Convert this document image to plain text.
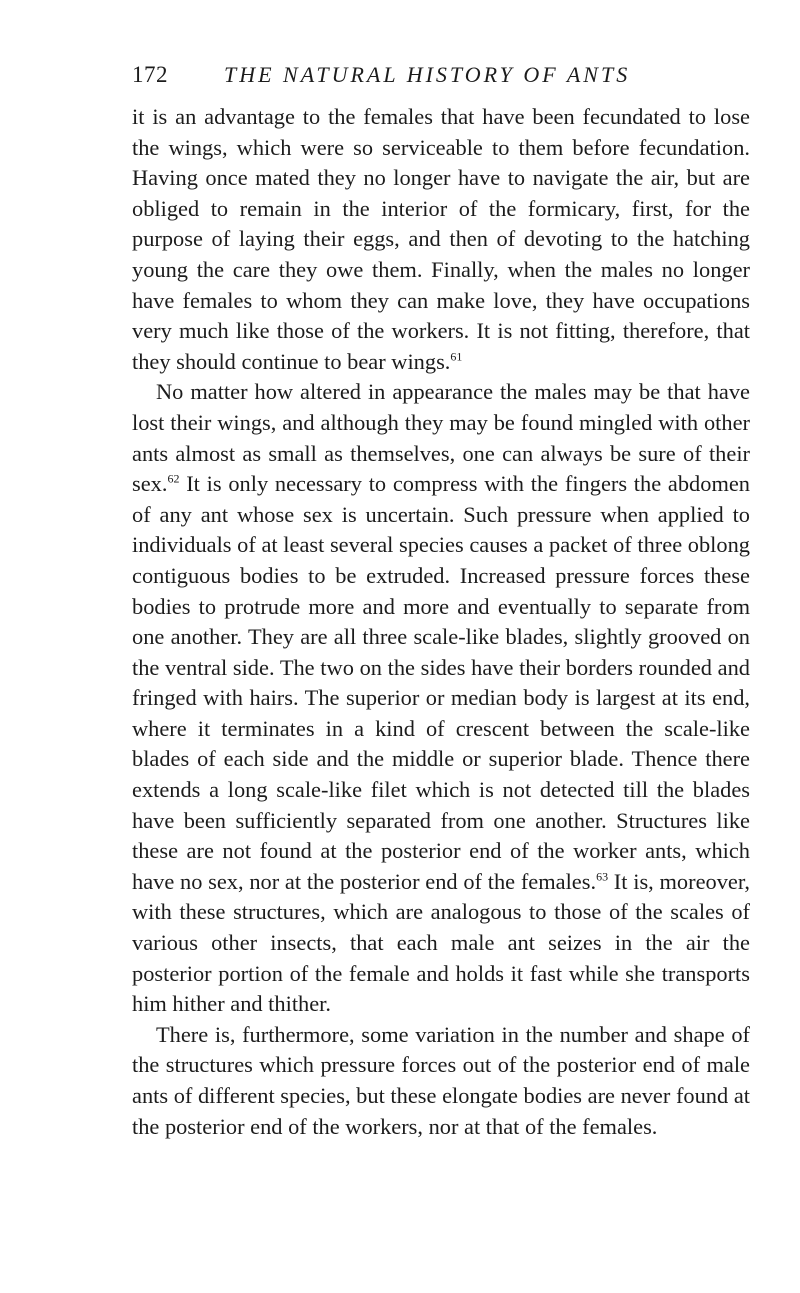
172	THE NATURAL HISTORY OF ANTS

it is an advantage to the females that have been fecundated to lose the wings, which were so serviceable to them before fecundation. Having once mated they no longer have to navigate the air, but are obliged to remain in the interior of the formicary, first, for the purpose of laying their eggs, and then of devoting to the hatching young the care they owe them. Finally, when the males no longer have females to whom they can make love, they have occupations very much like those of the workers. It is not fitting, therefore, that they should continue to bear wings.$^{61}$

No matter how altered in appearance the males may be that have lost their wings, and although they may be found mingled with other ants almost as small as themselves, one can always be sure of their sex.$^{62}$ It is only necessary to compress with the fingers the abdomen of any ant whose sex is uncertain. Such pressure when applied to individuals of at least several species causes a packet of three oblong contiguous bodies to be extruded. Increased pressure forces these bodies to protrude more and more and eventually to separate from one another. They are all three scale-like blades, slightly grooved on the ventral side. The two on the sides have their borders rounded and fringed with hairs. The superior or median body is largest at its end, where it terminates in a kind of crescent between the scale-like blades of each side and the middle or superior blade. Thence there extends a long scale-like filet which is not detected till the blades have been sufficiently separated from one another. Structures like these are not found at the posterior end of the worker ants, which have no sex, nor at the posterior end of the females.$^{63}$ It is, moreover, with these structures, which are analogous to those of the scales of various other insects, that each male ant seizes in the air the posterior portion of the female and holds it fast while she transports him hither and thither.

There is, furthermore, some variation in the number and shape of the structures which pressure forces out of the posterior end of male ants of different species, but these elongate bodies are never found at the posterior end of the workers, nor at that of the females.
